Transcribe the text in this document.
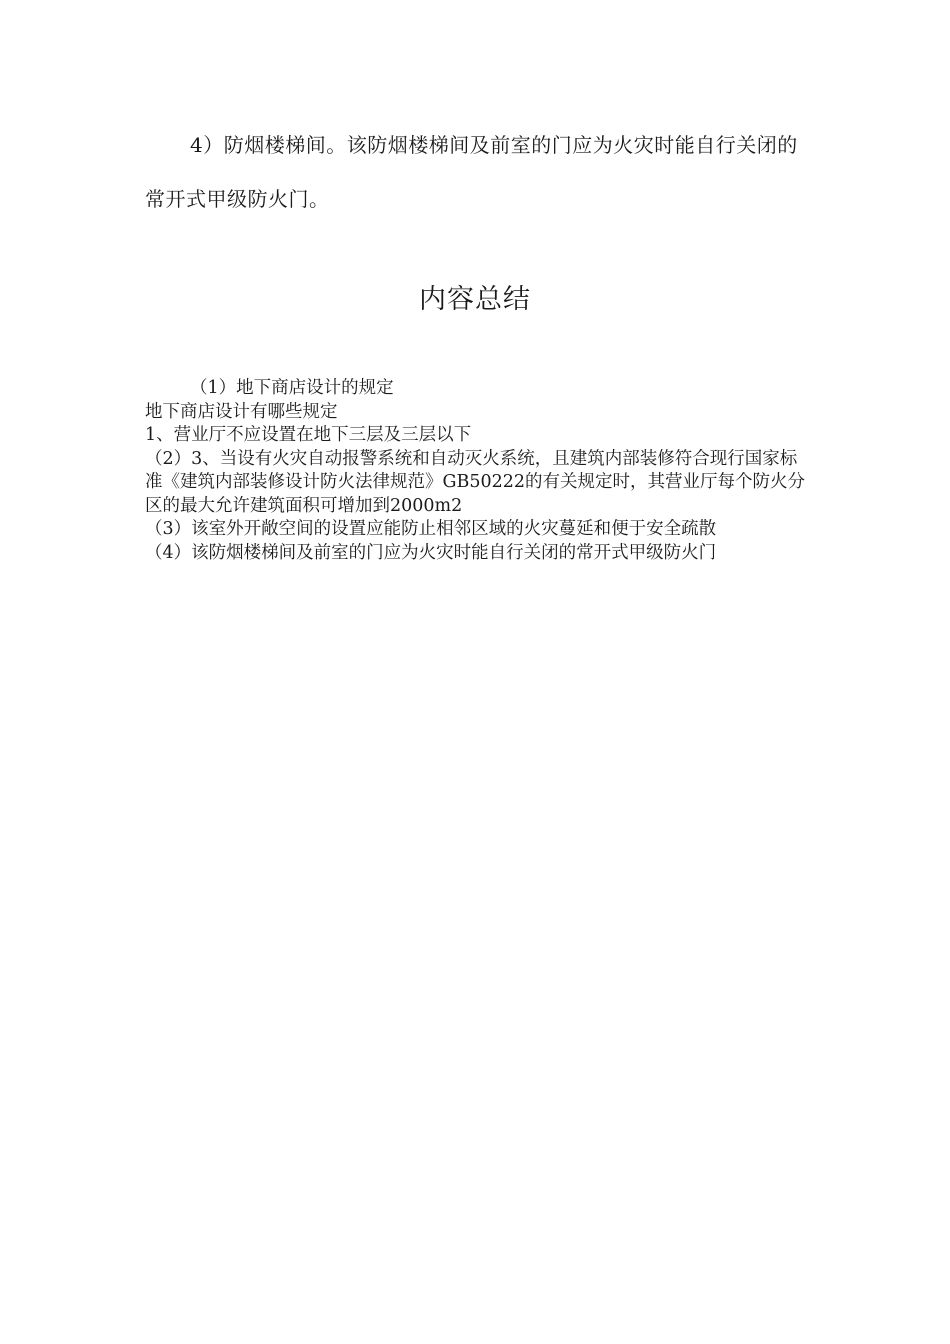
4）防烟楼梯间。该防烟楼梯间及前室的门应为火灾时能自行关闭的常开式甲级防火门。

内容总结

（1）地下商店设计的规定

地下商店设计有哪些规定

1、营业厅不应设置在地下三层及三层以下

（2）3、当设有火灾自动报警系统和自动灭火系统，且建筑内部装修符合现行国家标准《建筑内部装修设计防火法律规范》GB50222的有关规定时，其营业厅每个防火分区的最大允许建筑面积可增加到2000m2

（3）该室外开敞空间的设置应能防止相邻区域的火灾蔓延和便于安全疏散

（4）该防烟楼梯间及前室的门应为火灾时能自行关闭的常开式甲级防火门
